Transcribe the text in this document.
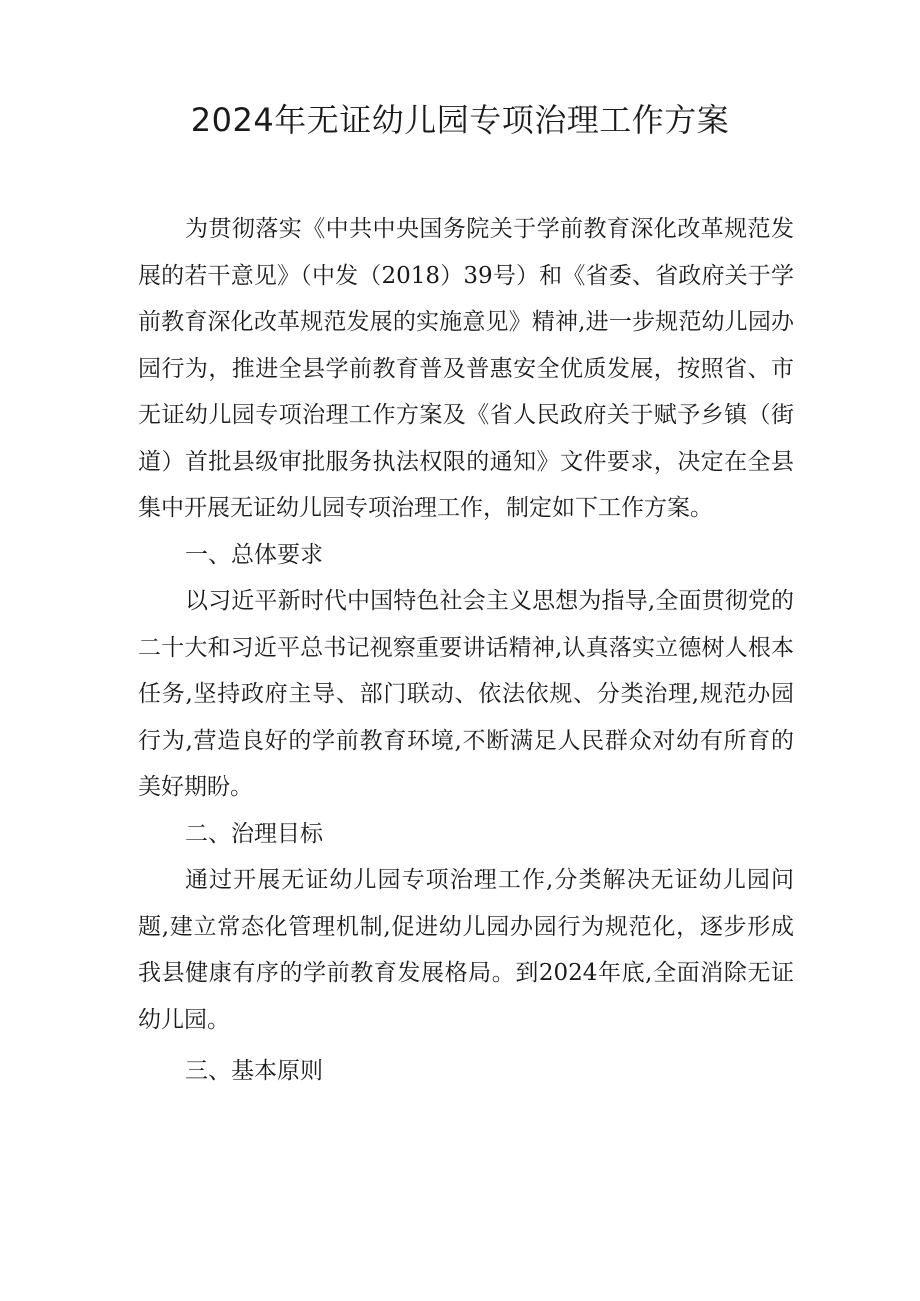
2024年无证幼儿园专项治理工作方案

为贯彻落实《中共中央国务院关于学前教育深化改革规范发展的若干意见》（中发（2018）39号）和《省委、省政府关于学前教育深化改革规范发展的实施意见》精神,进一步规范幼儿园办园行为，推进全县学前教育普及普惠安全优质发展，按照省、市无证幼儿园专项治理工作方案及《省人民政府关于赋予乡镇（街道）首批县级审批服务执法权限的通知》文件要求，决定在全县集中开展无证幼儿园专项治理工作，制定如下工作方案。

一、总体要求

以习近平新时代中国特色社会主义思想为指导,全面贯彻党的二十大和习近平总书记视察重要讲话精神,认真落实立德树人根本任务,坚持政府主导、部门联动、依法依规、分类治理,规范办园行为,营造良好的学前教育环境,不断满足人民群众对幼有所育的美好期盼。

二、治理目标

通过开展无证幼儿园专项治理工作,分类解决无证幼儿园问题,建立常态化管理机制,促进幼儿园办园行为规范化，逐步形成我县健康有序的学前教育发展格局。到2024年底,全面消除无证幼儿园。

三、基本原则
